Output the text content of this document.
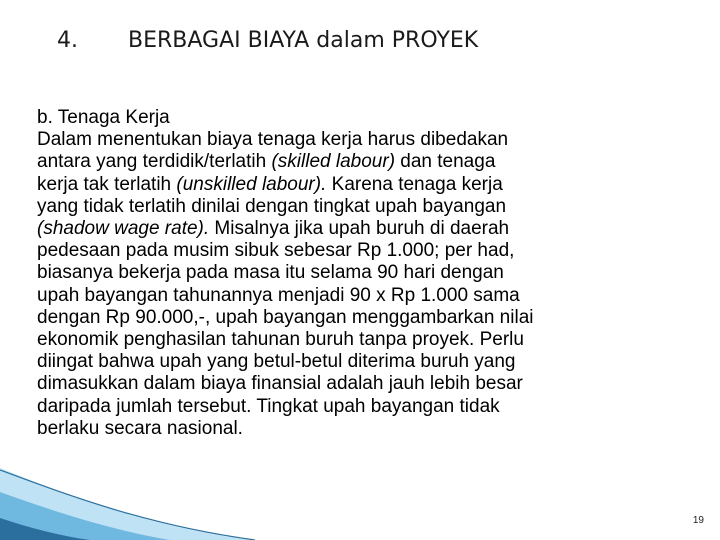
4. BERBAGAI BIAYA dalam PROYEK
b. Tenaga Kerja
Dalam menentukan biaya tenaga kerja harus dibedakan
antara yang terdidik/terlatih (skilled labour) dan tenaga
kerja tak terlatih (unskilled labour). Karena tenaga kerja
yang tidak terlatih dinilai dengan tingkat upah bayangan
(shadow wage rate). Misalnya jika upah buruh di daerah
pedesaan pada musim sibuk sebesar Rp 1.000; per had,
biasanya bekerja pada masa itu selama 90 hari dengan
upah bayangan tahunannya menjadi 90 x Rp 1.000 sama
dengan Rp 90.000,-, upah bayangan menggambarkan nilai
ekonomik penghasilan tahunan buruh tanpa proyek. Perlu
diingat bahwa upah yang betul-betul diterima buruh yang
dimasukkan dalam biaya finansial adalah jauh lebih besar
daripada jumlah tersebut. Tingkat upah bayangan tidak
berlaku secara nasional.
19
